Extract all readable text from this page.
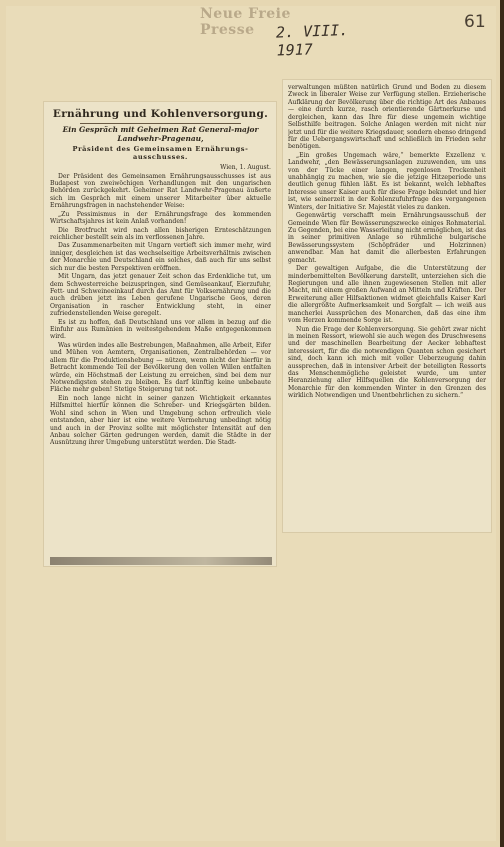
Neue Freie Presse	2. VIII. 1917
61
Ernährung und Kohlenversorgung.
Ein Gespräch mit Geheimen Rat General-major Landwehr-Pragenau,
Präsident des Gemeinsamen Ernährungs-ausschusses.
Wien, 1. August.

Der Präsident des Gemeinsamen Ernährungsausschusses ist aus Budapest von zweiwöchigen Verhandlungen mit den ungarischen Behörden zurückgekehrt. Geheimer Rat Landwehr-Pragenau äußerte sich im Gespräch mit einem unserer Mitarbeiter über aktuelle Ernährungsfragen in nachstehender Weise:

„Zu Pessimismus in der Ernährungsfrage des kommenden Wirtschaftsjahres ist kein Anlaß vorhanden!

Die Brotfrucht wird nach allen bisherigen Ernteschätzungen reichlicher bestellt sein als im verflossenen Jahre.

Das Zusammenarbeiten mit Ungarn vertieft sich immer mehr, wird inniger, desgleichen ist das wechselseitige Arbeitsverhältnis zwischen der Monarchie und Deutschland ein solches, daß auch für uns selbst sich nur die besten Perspektiven eröffnen.

Mit Ungarn, das jetzt genauer Zeit schon das Erdenkliche tut, um dem Schwesterreiche beizuspringen, sind Gemüseankauf, Eierzufuhr, Fett- und Schweineeinkauf durch das Amt für Volksernährung und die auch drüben jetzt ins Leben gerufene Ungarische Geos, deren Organisation in rascher Entwicklung steht, in einer zufriedenstellenden Weise geregelt.

Es ist zu hoffen, daß Deutschland uns vor allem in bezug auf die Einfuhr aus Rumänien in weitestgehendem Maße entgegenkommen wird.

Was würden indes alle Bestrebungen, Maßnahmen, alle Arbeit, Eifer und Mühen von Aemtern, Organisationen, Zentralbehörden — vor allem für die Produktionshebung — nützen, wenn nicht der hierfür in Betracht kommende Teil der Bevölkerung den vollen Willen entfalten würde, ein Höchstmaß der Leistung zu erreichen, sind bei dem nur Notwendigsten stehen zu bleiben. Es darf künftig keine unbebaute Fläche mehr geben! Stetige Steigerung tut not.

Ein noch lange nicht in seiner ganzen Wichtigkeit erkanntes Hilfsmittel hierfür können die Schreber- und Kriegsgärten bilden. Wohl sind schon in Wien und Umgebung schon erfreulich viele entstanden, aber hier ist eine weitere Vermehrung unbedingt nötig und auch in der Provinz sollte mit möglichster Intensität auf den Anbau solcher Gärten gedrungen werden, damit die Städte in der Ausnützung ihrer Umgebung unterstützt werden. Die Stadt-

verwaltungen müßten natürlich Grund und Boden zu diesem Zweck in liberaler Weise zur Verfügung stellen. Erzieherische Aufklärung der Bevölkerung über die richtige Art des Anbaues — eine durch kurze, rasch orientierende Gärtnerkurse und dergleichen, kann das Ihre für diese ungemein wichtige Selbsthilfe beitragen. Solche Anlagen werden mit nicht nur jetzt und für die weitere Kriegsdauer, sondern ebenso dringend für die Uebergangswirtschaft und schließlich im Frieden sehr benötigen.

„Ein großes Ungemach wäre,“ bemerkte Exzellenz v. Landwehr, „den Bewässerungsanlagen zuzuwenden, um uns von der Tücke einer langen, regenlosen Trockenheit unabhängig zu machen, wie sie die jetzige Hitzeperiode uns deutlich genug fühlen läßt. Es ist bekannt, welch lebhaftes Interesse unser Kaiser auch für diese Frage bekundet und hier ist, wie seinerzeit in der Kohlenzufuhrfrage des vergangenen Winters, der Initiative Sr. Majestät vieles zu danken.

Gegenwärtig verschafft mein Ernährungsausschuß der Gemeinde Wien für Bewässerungszwecke einiges Rohmaterial. Zu Gegenden, bei eine Wasserleitung nicht ermöglichen, ist das in seiner primitiven Anlage so rühmliche bulgarische Bewässerungssystem (Schöpfräder und Holzrinnen) anwendbar. Man hat damit die allerbesten Erfahrungen gemacht.

Der gewaltigen Aufgabe, die die Unterstützung der minderbemittelten Bevölkerung darstellt, unterziehen sich die Regierungen und alle ihnen zugewiesenen Stellen mit aller Macht, mit einem großen Aufwand an Mitteln und Kräften. Der Erweiterung aller Hilfsaktionen widmet gleichfalls Kaiser Karl die allergrößte Aufmerksamkeit und Sorgfalt — ich weiß aus mancherlei Aussprüchen des Monarchen, daß das eine ihm vom Herzen kommende Sorge ist.

Nun die Frage der Kohlenversorgung. Sie gehört zwar nicht in meinen Ressort, wiewohl sie auch wegen des Druschwesens und der maschinellen Bearbeitung der Aecker lebhaftest interessiert, für die die notwendigen Quanten schon gesichert sind, doch kann ich mich mit voller Ueberzeugung dahin aussprechen, daß in intensiver Arbeit der beteiligten Ressorts das Menschenmögliche geleistet wurde, um unter Heranziehung aller Hilfsquellen die Kohlenversorgung der Monarchie für den kommenden Winter in den Grenzen des wirklich Notwendigen und Unentbehrlichen zu sichern.“
